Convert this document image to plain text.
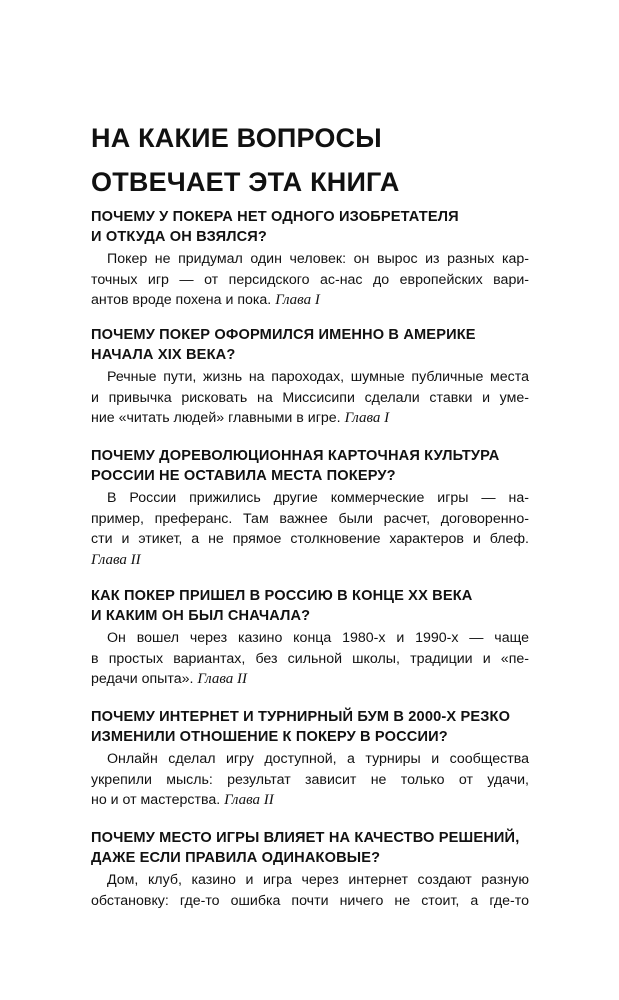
НА КАКИЕ ВОПРОСЫ
ОТВЕЧАЕТ ЭТА КНИГА
ПОЧЕМУ У ПОКЕРА НЕТ ОДНОГО ИЗОБРЕТАТЕЛЯ
И ОТКУДА ОН ВЗЯЛСЯ?

Покер не придумал один человек: он вырос из разных кар-
точных игр — от персидского ас-нас до европейских вари-
антов вроде похена и пока. Глава I

ПОЧЕМУ ПОКЕР ОФОРМИЛСЯ ИМЕННО В АМЕРИКЕ
НАЧАЛА XIX ВЕКА?

Речные пути, жизнь на пароходах, шумные публичные места
и привычка рисковать на Миссисипи сделали ставки и уме-
ние «читать людей» главными в игре. Глава I

ПОЧЕМУ ДОРЕВОЛЮЦИОННАЯ КАРТОЧНАЯ КУЛЬТУРА
РОССИИ НЕ ОСТАВИЛА МЕСТА ПОКЕРУ?

В России прижились другие коммерческие игры — на-
пример, преферанс. Там важнее были расчет, договоренно-
сти и этикет, а не прямое столкновение характеров и блеф.
Глава II

КАК ПОКЕР ПРИШЕЛ В РОССИЮ В КОНЦЕ XX ВЕКА
И КАКИМ ОН БЫЛ СНАЧАЛА?

Он вошел через казино конца 1980-х и 1990-х — чаще
в простых вариантах, без сильной школы, традиции и «пе-
редачи опыта». Глава II

ПОЧЕМУ ИНТЕРНЕТ И ТУРНИРНЫЙ БУМ В 2000-Х РЕЗКО
ИЗМЕНИЛИ ОТНОШЕНИЕ К ПОКЕРУ В РОССИИ?

Онлайн сделал игру доступной, а турниры и сообщества
укрепили мысль: результат зависит не только от удачи,
но и от мастерства. Глава II

ПОЧЕМУ МЕСТО ИГРЫ ВЛИЯЕТ НА КАЧЕСТВО РЕШЕНИЙ,
ДАЖЕ ЕСЛИ ПРАВИЛА ОДИНАКОВЫЕ?

Дом, клуб, казино и игра через интернет создают разную
обстановку: где-то ошибка почти ничего не стоит, а где-то
